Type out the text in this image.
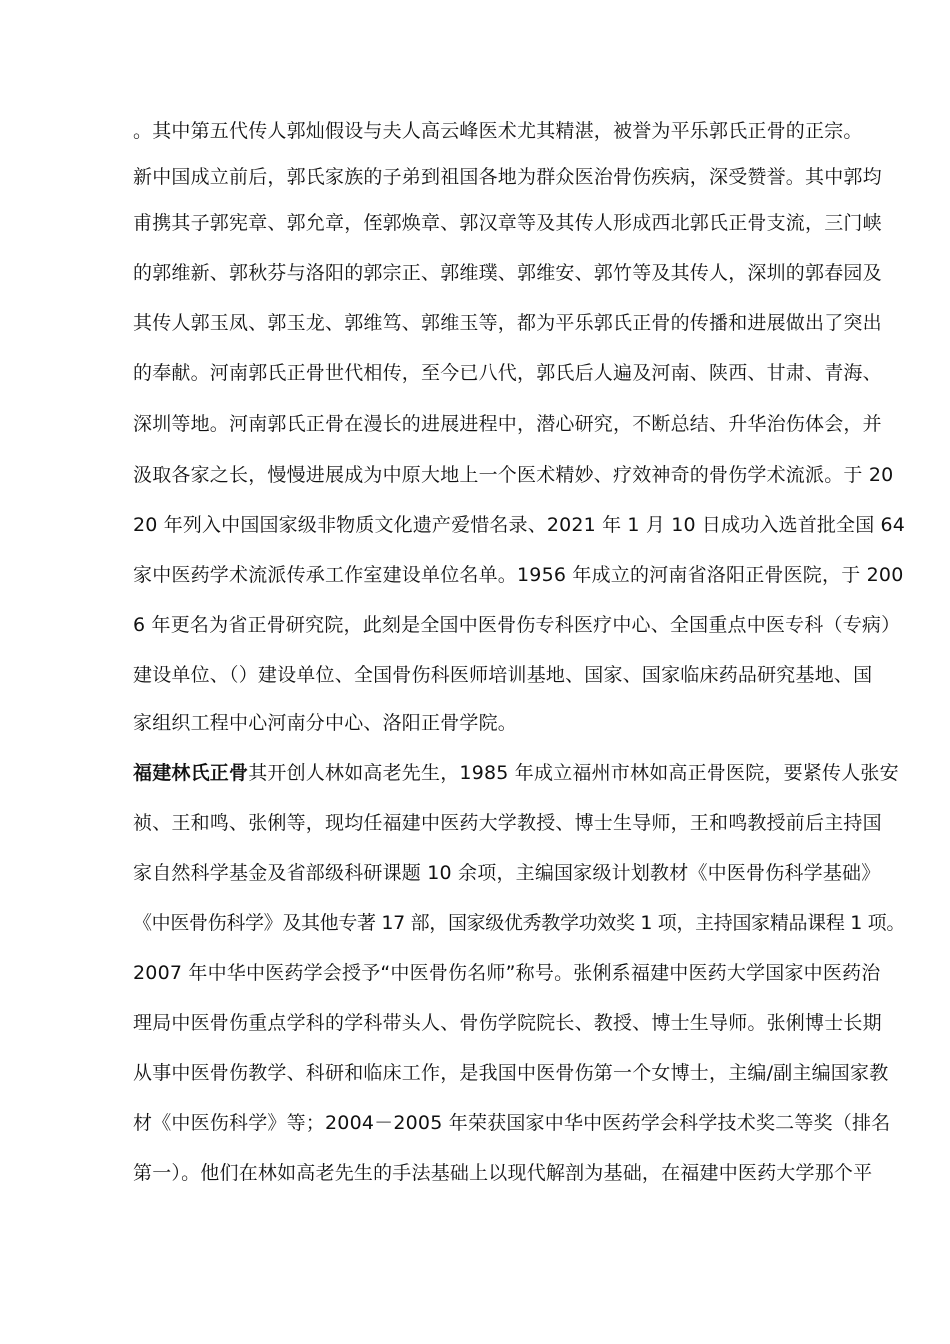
。其中第五代传人郭灿假设与夫人高云峰医术尤其精湛，被誉为平乐郭氏正骨的正宗。
新中国成立前后，郭氏家族的子弟到祖国各地为群众医治骨伤疾病，深受赞誉。其中郭均
甫携其子郭宪章、郭允章，侄郭焕章、郭汉章等及其传人形成西北郭氏正骨支流，三门峡
的郭维新、郭秋芬与洛阳的郭宗正、郭维璞、郭维安、郭竹等及其传人，深圳的郭春园及
其传人郭玉凤、郭玉龙、郭维笃、郭维玉等，都为平乐郭氏正骨的传播和进展做出了突出
的奉献。河南郭氏正骨世代相传，至今已八代，郭氏后人遍及河南、陕西、甘肃、青海、
深圳等地。河南郭氏正骨在漫长的进展进程中，潜心研究，不断总结、升华治伤体会，并
汲取各家之长，慢慢进展成为中原大地上一个医术精妙、疗效神奇的骨伤学术流派。于 20
20 年列入中国国家级非物质文化遗产爱惜名录、2021 年 1 月 10 日成功入选首批全国 64
家中医药学术流派传承工作室建设单位名单。1956 年成立的河南省洛阳正骨医院，于 200
6 年更名为省正骨研究院，此刻是全国中医骨伤专科医疗中心、全国重点中医专科（专病）
建设单位、（）建设单位、全国骨伤科医师培训基地、国家、国家临床药品研究基地、国
家组织工程中心河南分中心、洛阳正骨学院。
福建林氏正骨其开创人林如高老先生，1985 年成立福州市林如高正骨医院，要紧传人张安
祯、王和鸣、张俐等，现均任福建中医药大学教授、博士生导师，王和鸣教授前后主持国
家自然科学基金及省部级科研课题 10 余项，主编国家级计划教材《中医骨伤科学基础》
《中医骨伤科学》及其他专著 17 部，国家级优秀教学功效奖 1 项，主持国家精品课程 1 项。
2007 年中华中医药学会授予“中医骨伤名师”称号。张俐系福建中医药大学国家中医药治
理局中医骨伤重点学科的学科带头人、骨伤学院院长、教授、博士生导师。张俐博士长期
从事中医骨伤教学、科研和临床工作，是我国中医骨伤第一个女博士，主编/副主编国家教
材《中医伤科学》等；2004－2005 年荣获国家中华中医药学会科学技术奖二等奖（排名
第一）。他们在林如高老先生的手法基础上以现代解剖为基础，在福建中医药大学那个平
